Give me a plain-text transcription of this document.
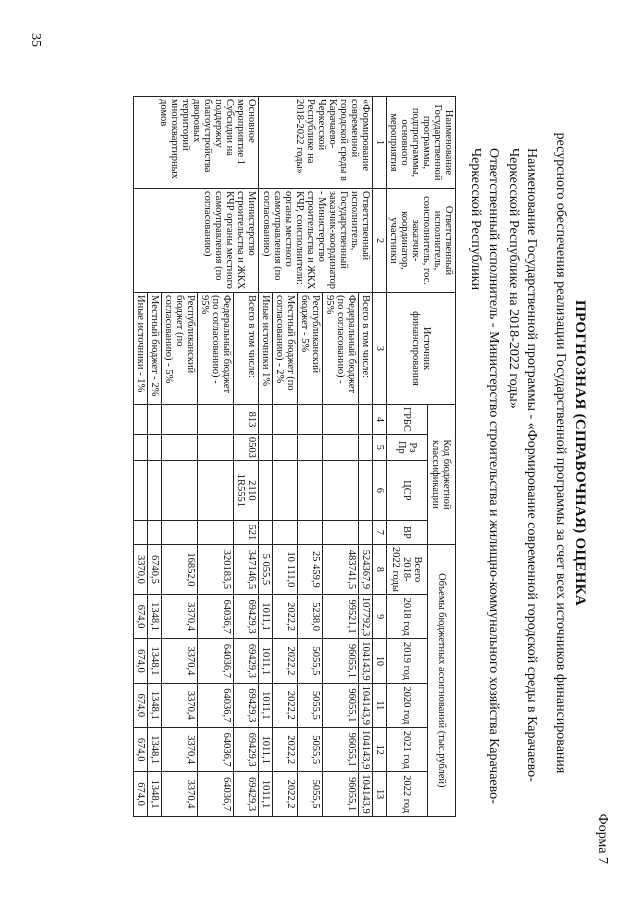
35
Форма 7
ПРОГНОЗНАЯ (СПРАВОЧНАЯ) ОЦЕНКА
ресурсного обеспечения реализации Государственной программы за счет всех источников финансирования
Наименование Государственной программы - «Формирование современной городской среды в Карачаево-Черкесской Республике на 2018-2022 годы»
Ответственный исполнитель - Министерство строительства и жилищно-коммунального хозяйства Карачаево-Черкесской Республики
Наименование Государственной программы, подпрограммы, основного мероприятия	Ответственный исполнитель, соисполнитель, гос. заказчик-координатор, участники	Источник финансирования	Код бюджетной классификации				Объемы бюджетных ассигнований (тыс.рублей)					
			ГРБС	Рз Пр	ЦСР	ВР	Всего 2018-2022 годы	2018 год	2019 год	2020 год	2021 год	2022 год
1	2	3	4	5	6	7	8	9	10	11	12	13
«Формирование современной городской среды в Карачаево-Черкесской Республике на 2018-2022 годы»	Ответственный исполнитель, Государственный заказчик-координатор - Министерство строительства и ЖКХ КЧР, соисполнители: органы местного самоуправления (по согласованию)	Всего в том числе:					524367,9	107792,3	104143,9	104143,9	104143,9	104143,9
		Федеральный бюджет (по согласованию) - 95%					483741,5	99521,1	96055,1	96055,1	96055,1	96055,1
		Республиканский бюджет - 5%					25 459,9	5238,0	5055,5	5055,5	5055,5	5055,5
		Местный бюджет (по согласованию) - 2%					10 111,0	2022,2	2022,2	2022,2	2022,2	2022,2
		Иные источники 1%					5 055,5	1011,1	1011,1	1011,1	1011,1	1011,1
Основное мероприятие 1 Субсидии на поддержку благоустройства дворовых территорий многоквартирных домов	Министерство строительства и ЖКХ КЧР органы местного самоуправления (по согласованию)	Всего в том числе:	813	0503	2110 1R5551	521	347146,5	69429,3	69429,3	69429,3	69429,3	69429,3
		Федеральный бюджет (по согласованию) - 95%					320183,5	64036,7	64036,7	64036,7	64036,7	64036,7
		Республиканский бюджет (по согласованию) - 5%					16852,0	3370,4	3370,4	3370,4	3370,4	3370,4
		Местный бюджет - 2%					6740,5	1348,1	1348,1	1348,1	1348,1	1348,1
		Иные источники - 1%					3370,0	674,0	674,0	674,0	674,0	674,0
